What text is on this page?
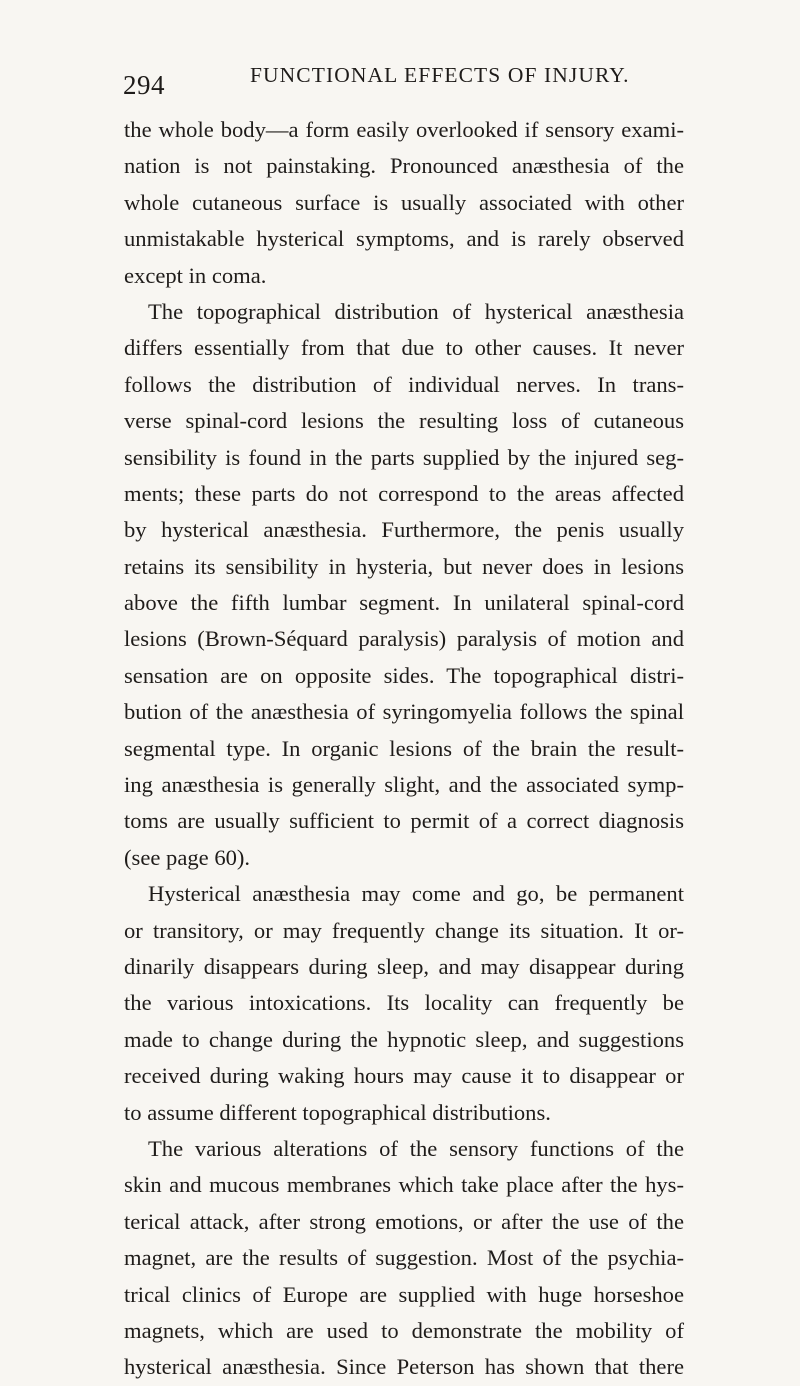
294	FUNCTIONAL EFFECTS OF INJURY.
the whole body—a form easily overlooked if sensory exami-
nation is not painstaking. Pronounced anæsthesia of the
whole cutaneous surface is usually associated with other
unmistakable hysterical symptoms, and is rarely observed
except in coma.
The topographical distribution of hysterical anæsthesia
differs essentially from that due to other causes. It never
follows the distribution of individual nerves. In trans-
verse spinal-cord lesions the resulting loss of cutaneous
sensibility is found in the parts supplied by the injured seg-
ments; these parts do not correspond to the areas affected
by hysterical anæsthesia. Furthermore, the penis usually
retains its sensibility in hysteria, but never does in lesions
above the fifth lumbar segment. In unilateral spinal-cord
lesions (Brown-Séquard paralysis) paralysis of motion and
sensation are on opposite sides. The topographical distri-
bution of the anæsthesia of syringomyelia follows the spinal
segmental type. In organic lesions of the brain the result-
ing anæsthesia is generally slight, and the associated symp-
toms are usually sufficient to permit of a correct diagnosis
(see page 60).
Hysterical anæsthesia may come and go, be permanent
or transitory, or may frequently change its situation. It or-
dinarily disappears during sleep, and may disappear during
the various intoxications. Its locality can frequently be
made to change during the hypnotic sleep, and suggestions
received during waking hours may cause it to disappear or
to assume different topographical distributions.
The various alterations of the sensory functions of the
skin and mucous membranes which take place after the hys-
terical attack, after strong emotions, or after the use of the
magnet, are the results of suggestion. Most of the psychia-
trical clinics of Europe are supplied with huge horseshoe
magnets, which are used to demonstrate the mobility of
hysterical anæsthesia. Since Peterson has shown that there
